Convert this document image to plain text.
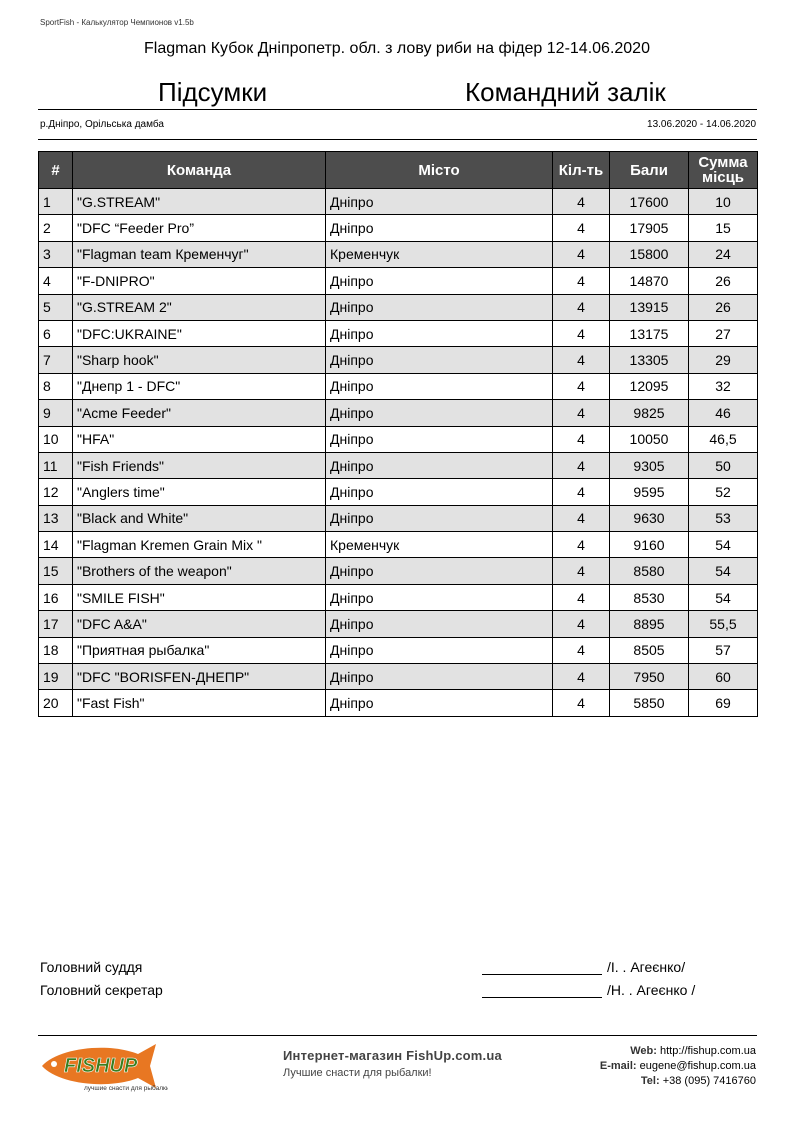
SportFish - Калькулятор Чемпионов v1.5b
Flagman Кубок Дніпропетр. обл. з лову риби на фідер 12-14.06.2020
Підсумки	Командний залік
р.Дніпро, Орільська дамба	13.06.2020 - 14.06.2020
#	Команда	Місто	Кіл-ть	Бали	Сумма місць
1	"G.STREAM"	Дніпро	4	17600	10
2	"DFC “Feeder Pro”	Дніпро	4	17905	15
3	"Flagman team Кременчуг"	Кременчук	4	15800	24
4	"F-DNIPRO"	Дніпро	4	14870	26
5	"G.STREAM 2"	Дніпро	4	13915	26
6	"DFC:UKRAINE"	Дніпро	4	13175	27
7	"Sharp hook"	Дніпро	4	13305	29
8	"Днепр 1 - DFC"	Дніпро	4	12095	32
9	"Acme Feeder"	Дніпро	4	9825	46
10	"HFA"	Дніпро	4	10050	46,5
11	"Fish Friends"	Дніпро	4	9305	50
12	"Anglers time"	Дніпро	4	9595	52
13	"Black and White"	Дніпро	4	9630	53
14	"Flagman Kremen Grain Mix "	Кременчук	4	9160	54
15	"Brothers of the weapon"	Дніпро	4	8580	54
16	"SMILE FISH"	Дніпро	4	8530	54
17	"DFC A&A"	Дніпро	4	8895	55,5
18	"Приятная рыбалка"	Дніпро	4	8505	57
19	"DFC "BORISFEN-ДНЕПР"	Дніпро	4	7950	60
20	"Fast Fish"	Дніпро	4	5850	69
Головний суддя	/І. . Агеєнко/
Головний секретар	/Н. . Агеєнко /
FISHUP
лучшие снасти для рыбалки
Интернет-магазин FishUp.com.ua
Лучшие снасти для рыбалки!
Web: http://fishup.com.ua
E-mail: eugene@fishup.com.ua
Tel: +38 (095) 7416760
